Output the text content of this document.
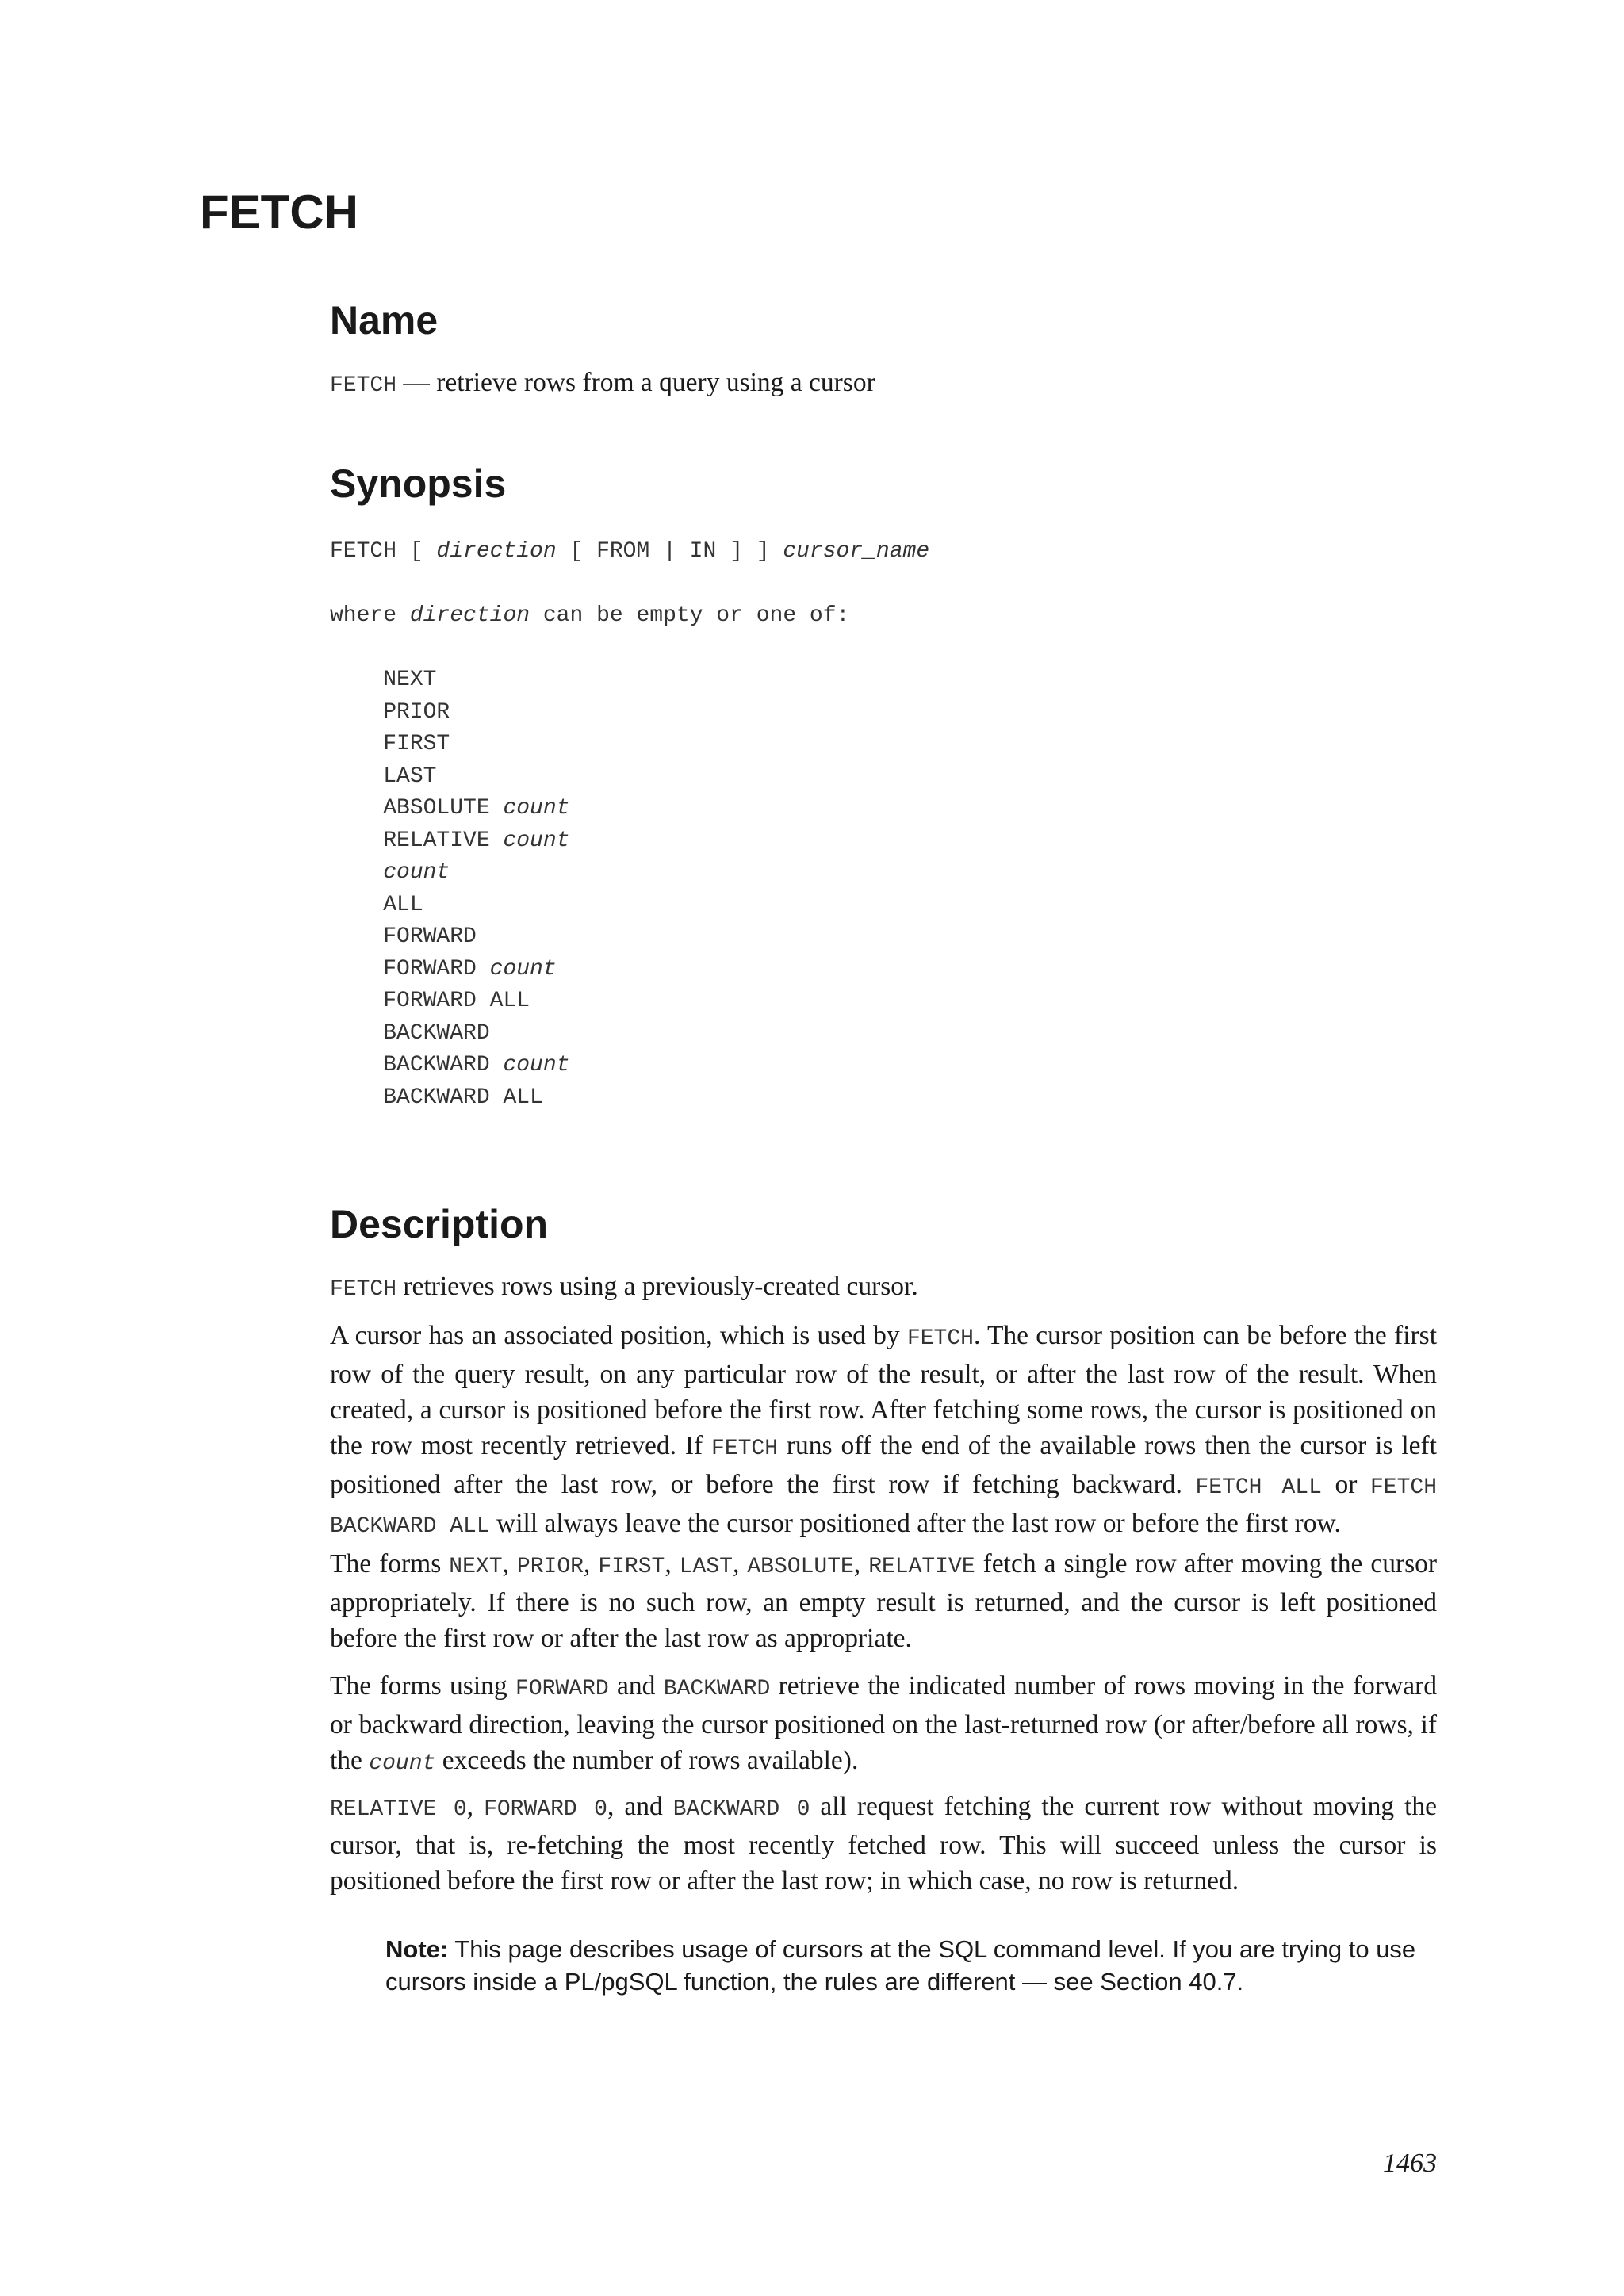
FETCH
Name

FETCH — retrieve rows from a query using a cursor

Synopsis
FETCH [ direction [ FROM | IN ] ] cursor_name

where direction can be empty or one of:

NEXT
PRIOR
FIRST
LAST
ABSOLUTE count
RELATIVE count
count
ALL
FORWARD
FORWARD count
FORWARD ALL
BACKWARD
BACKWARD count
BACKWARD ALL
Description

FETCH retrieves rows using a previously-created cursor.

A cursor has an associated position, which is used by FETCH. The cursor position can be before the first row of the query result, on any particular row of the result, or after the last row of the result. When created, a cursor is positioned before the first row. After fetching some rows, the cursor is positioned on the row most recently retrieved. If FETCH runs off the end of the available rows then the cursor is left positioned after the last row, or before the first row if fetching backward. FETCH ALL or FETCH BACKWARD ALL will always leave the cursor positioned after the last row or before the first row.

The forms NEXT, PRIOR, FIRST, LAST, ABSOLUTE, RELATIVE fetch a single row after moving the cursor appropriately. If there is no such row, an empty result is returned, and the cursor is left positioned before the first row or after the last row as appropriate.

The forms using FORWARD and BACKWARD retrieve the indicated number of rows moving in the forward or backward direction, leaving the cursor positioned on the last-returned row (or after/before all rows, if the count exceeds the number of rows available).

RELATIVE 0, FORWARD 0, and BACKWARD 0 all request fetching the current row without moving the cursor, that is, re-fetching the most recently fetched row. This will succeed unless the cursor is positioned before the first row or after the last row; in which case, no row is returned.

Note: This page describes usage of cursors at the SQL command level. If you are trying to use cursors inside a PL/pgSQL function, the rules are different — see Section 40.7.

1463
